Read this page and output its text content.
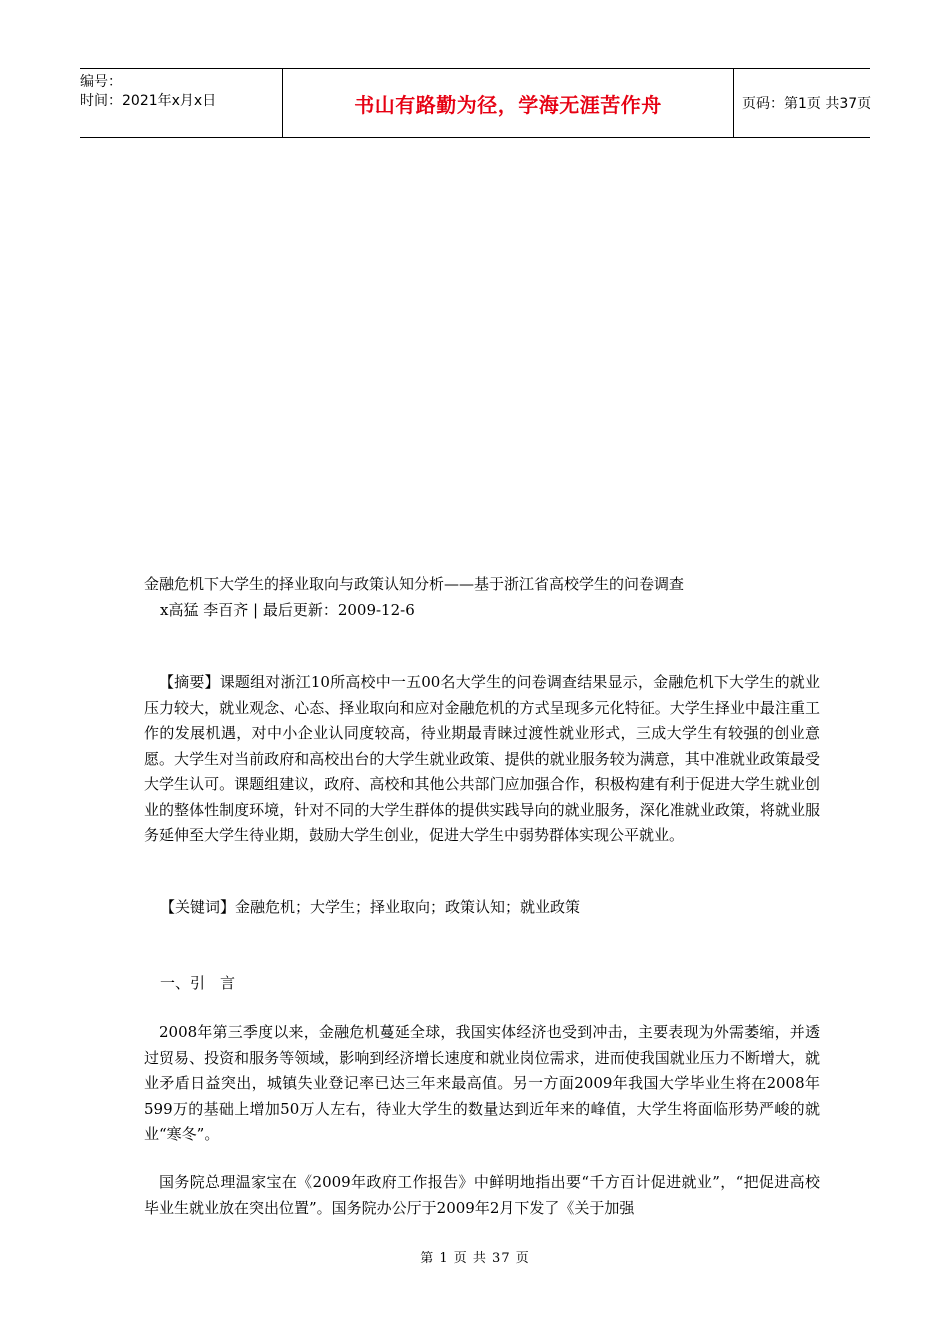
编号：
时间：2021年x月x日	书山有路勤为径，学海无涯苦作舟	页码：第1页 共37页
金融危机下大学生的择业取向与政策认知分析——基于浙江省高校学生的问卷调查
x高猛 李百齐 | 最后更新：2009-12-6
【摘要】课题组对浙江10所高校中一五00名大学生的问卷调查结果显示，金融危机下大学生的就业压力较大，就业观念、心态、择业取向和应对金融危机的方式呈现多元化特征。大学生择业中最注重工作的发展机遇，对中小企业认同度较高，待业期最青睐过渡性就业形式，三成大学生有较强的创业意愿。大学生对当前政府和高校出台的大学生就业政策、提供的就业服务较为满意，其中准就业政策最受大学生认可。课题组建议，政府、高校和其他公共部门应加强合作，积极构建有利于促进大学生就业创业的整体性制度环境，针对不同的大学生群体的提供实践导向的就业服务，深化准就业政策，将就业服务延伸至大学生待业期，鼓励大学生创业，促进大学生中弱势群体实现公平就业。
【关键词】金融危机；大学生；择业取向；政策认知；就业政策
一、引　言
2008年第三季度以来，金融危机蔓延全球，我国实体经济也受到冲击，主要表现为外需萎缩，并透过贸易、投资和服务等领域，影响到经济增长速度和就业岗位需求，进而使我国就业压力不断增大，就业矛盾日益突出，城镇失业登记率已达三年来最高值。另一方面2009年我国大学毕业生将在2008年599万的基础上增加50万人左右，待业大学生的数量达到近年来的峰值，大学生将面临形势严峻的就业“寒冬”。
国务院总理温家宝在《2009年政府工作报告》中鲜明地指出要“千方百计促进就业”，“把促进高校毕业生就业放在突出位置”。国务院办公厅于2009年2月下发了《关于加强
第 1 页 共 37 页
